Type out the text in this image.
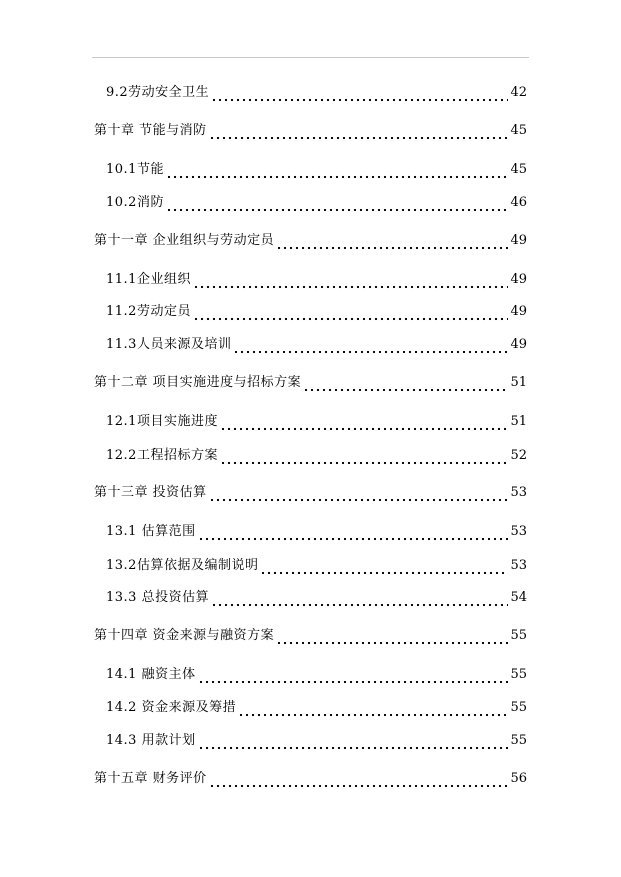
9.2劳动安全卫生	42
第十章 节能与消防	45
10.1节能	45
10.2消防	46
第十一章 企业组织与劳动定员	49
11.1企业组织	49
11.2劳动定员	49
11.3人员来源及培训	49
第十二章 项目实施进度与招标方案	51
12.1项目实施进度	51
12.2工程招标方案	52
第十三章 投资估算	53
13.1 估算范围	53
13.2估算依据及编制说明	53
13.3 总投资估算	54
第十四章 资金来源与融资方案	55
14.1 融资主体	55
14.2 资金来源及筹措	55
14.3 用款计划	55
第十五章 财务评价	56
